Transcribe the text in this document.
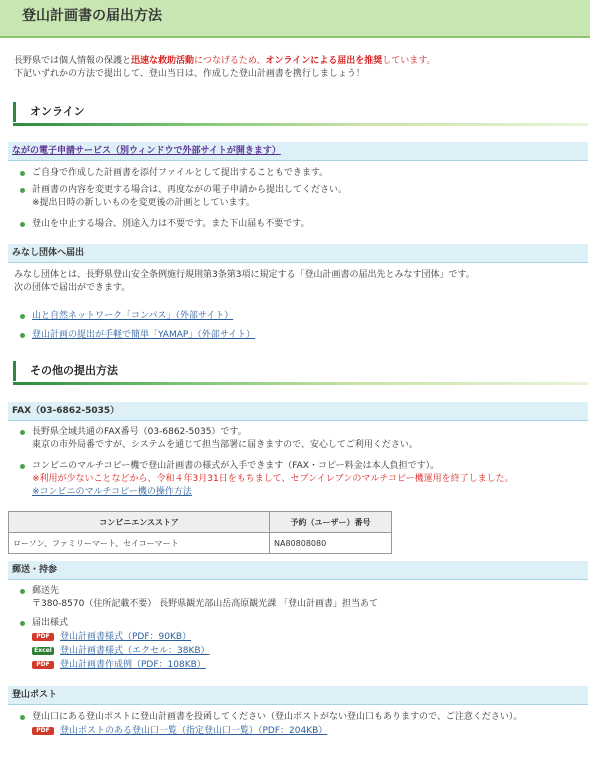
登山計画書の届出方法
長野県では個人情報の保護と迅速な救助活動につなげるため、オンラインによる届出を推奨しています。
下記いずれかの方法で提出して、登山当日は、作成した登山計画書を携行しましょう！
オンライン
ながの電子申請サービス（別ウィンドウで外部サイトが開きます）
ご自身で作成した計画書を添付ファイルとして提出することもできます。
計画書の内容を変更する場合は、再度ながの電子申請から提出してください。
※提出日時の新しいものを変更後の計画としています。
登山を中止する場合、別途入力は不要です。また下山届も不要です。
みなし団体へ届出
みなし団体とは、長野県登山安全条例施行規則第3条第3項に規定する「登山計画書の届出先とみなす団体」です。
次の団体で届出ができます。
山と自然ネットワーク「コンパス」（外部サイト）
登山計画の提出が手軽で簡単「YAMAP」（外部サイト）
その他の提出方法
FAX（03-6862-5035）
長野県全域共通のFAX番号（03-6862-5035）です。
東京の市外局番ですが、システムを通じて担当部署に届きますので、安心してご利用ください。
コンビニのマルチコピー機で登山計画書の様式が入手できます（FAX・コピー料金は本人負担です）。
※利用が少ないことなどから、令和４年3月31日をもちまして、セブンイレブンのマルチコピー機運用を終了しました。
※コンビニのマルチコピー機の操作方法
コンビニエンスストア	予約（ユーザー）番号
ローソン、ファミリーマート、セイコーマート	NA80808080
郵送・持参
郵送先
〒380-8570（住所記載不要） 長野県観光部山岳高原観光課 「登山計画書」担当あて
届出様式
PDF 登山計画書様式（PDF：90KB）
Excel 登山計画書様式（エクセル：38KB）
PDF 登山計画書作成例（PDF：108KB）
登山ポスト
登山口にある登山ポストに登山計画書を投函してください（登山ポストがない登山口もありますので、ご注意ください）。
PDF 登山ポストのある登山口一覧（指定登山口一覧）（PDF：204KB）
